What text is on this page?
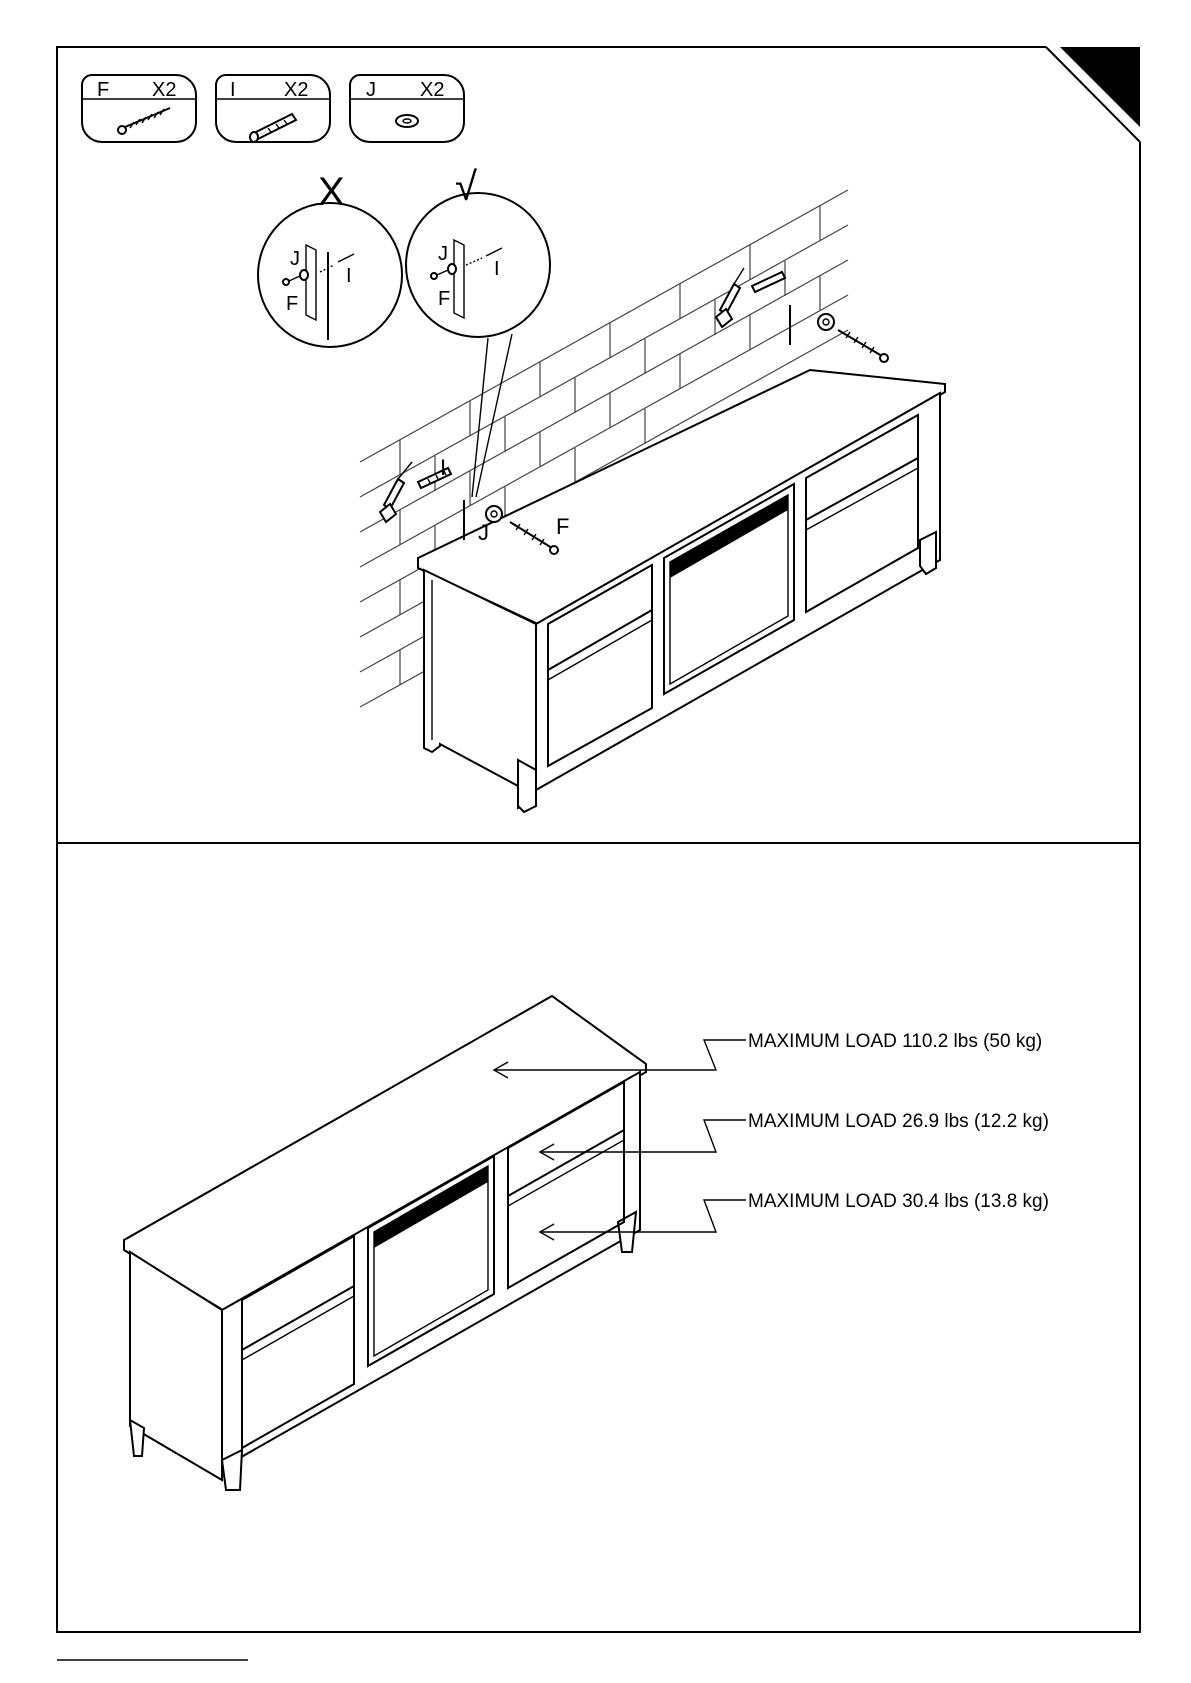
F X2	I X2	J X2
I
J	F
X
J
F
I
√
J
F
I
MAXIMUM LOAD 110.2 lbs (50 kg)
MAXIMUM LOAD 26.9 lbs (12.2 kg)
MAXIMUM LOAD 30.4 lbs (13.8 kg)
